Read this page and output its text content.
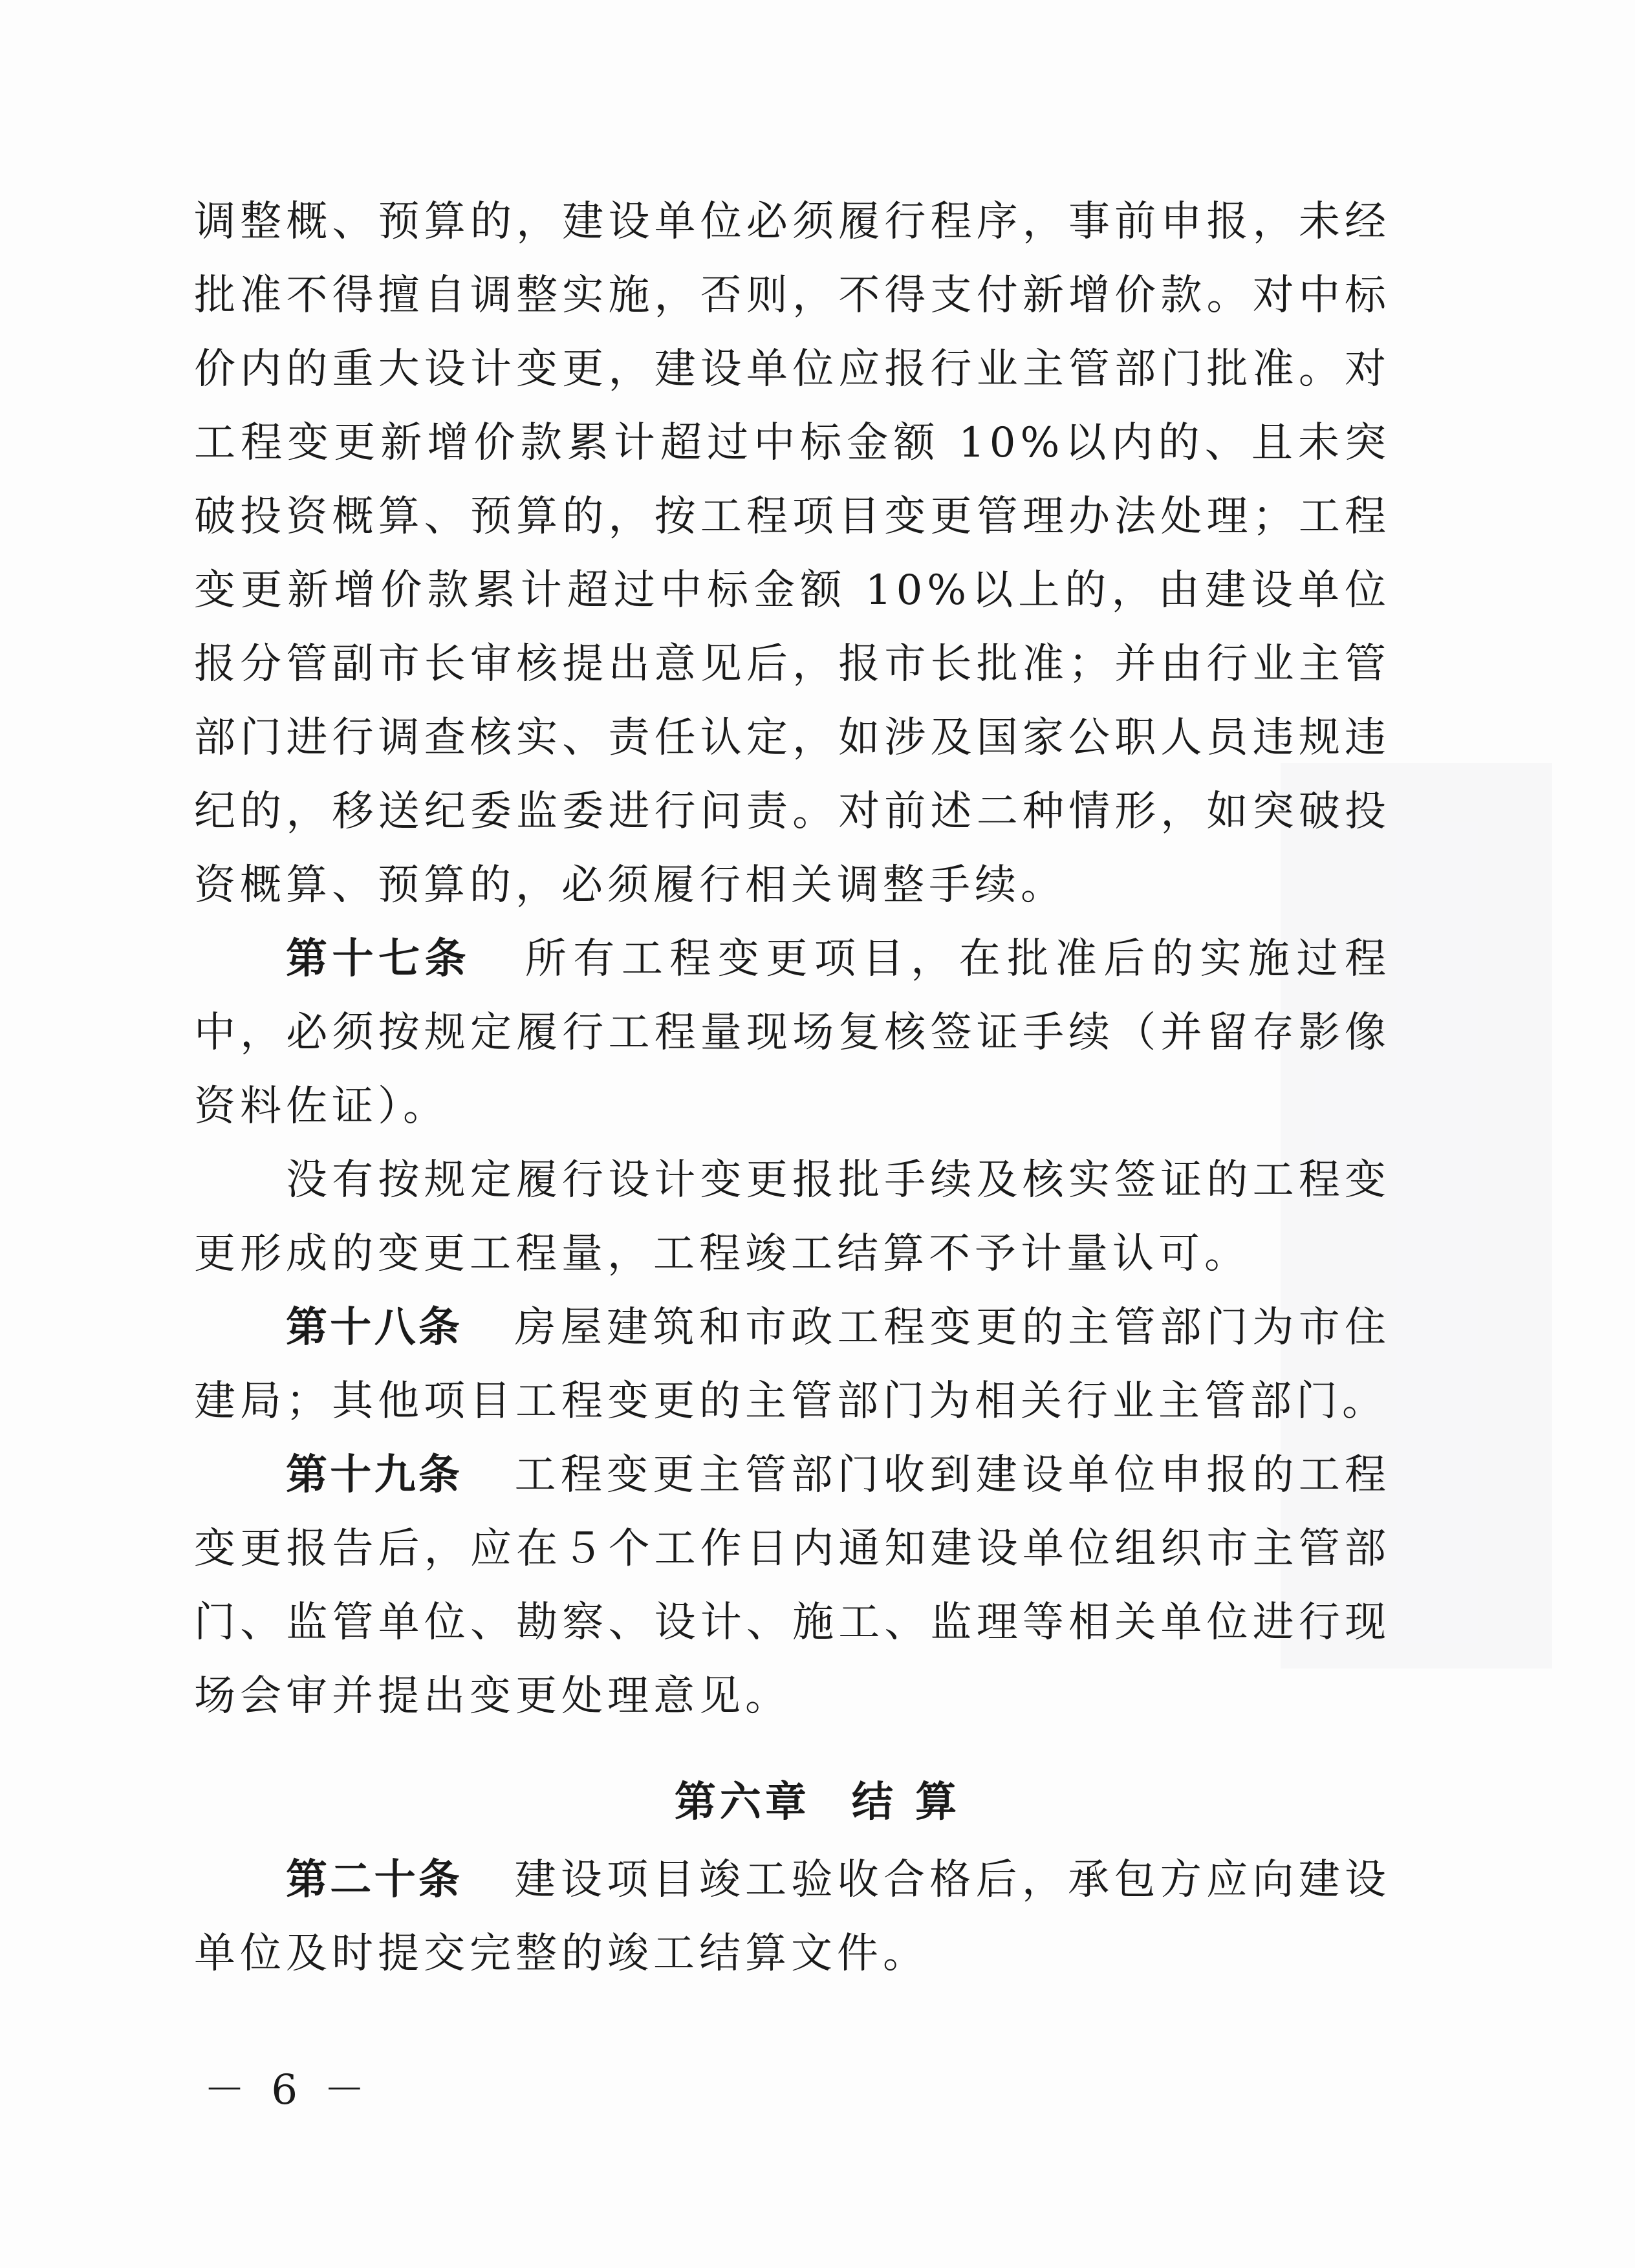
调整概、预算的，建设单位必须履行程序，事前申报，未经批准不得擅自调整实施，否则，不得支付新增价款。对中标价内的重大设计变更，建设单位应报行业主管部门批准。对工程变更新增价款累计超过中标金额 10%以内的、且未突破投资概算、预算的，按工程项目变更管理办法处理；工程变更新增价款累计超过中标金额 10%以上的，由建设单位报分管副市长审核提出意见后，报市长批准；并由行业主管部门进行调查核实、责任认定，如涉及国家公职人员违规违纪的，移送纪委监委进行问责。对前述二种情形，如突破投资概算、预算的，必须履行相关调整手续。

第十七条 所有工程变更项目，在批准后的实施过程中，必须按规定履行工程量现场复核签证手续（并留存影像资料佐证）。

没有按规定履行设计变更报批手续及核实签证的工程变更形成的变更工程量，工程竣工结算不予计量认可。

第十八条 房屋建筑和市政工程变更的主管部门为市住建局；其他项目工程变更的主管部门为相关行业主管部门。

第十九条 工程变更主管部门收到建设单位申报的工程变更报告后，应在５个工作日内通知建设单位组织市主管部门、监管单位、勘察、设计、施工、监理等相关单位进行现场会审并提出变更处理意见。

第六章 结 算

第二十条 建设项目竣工验收合格后，承包方应向建设单位及时提交完整的竣工结算文件。

－ 6 －
